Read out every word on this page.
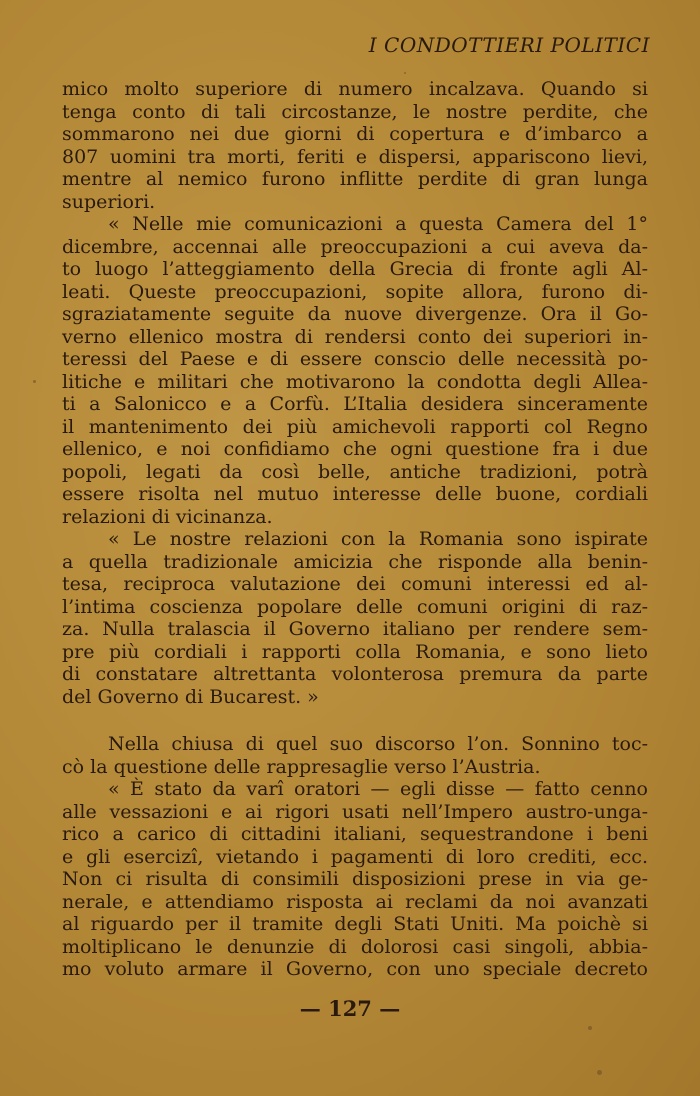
I CONDOTTIERI POLITICI
mico molto superiore di numero incalzava. Quando si
tenga conto di tali circostanze, le nostre perdite, che
sommarono nei due giorni di copertura e d’imbarco a
807 uomini tra morti, feriti e dispersi, appariscono lievi,
mentre al nemico furono inflitte perdite di gran lunga
superiori.
« Nelle mie comunicazioni a questa Camera del 1°
dicembre, accennai alle preoccupazioni a cui aveva da-
to luogo l’atteggiamento della Grecia di fronte agli Al-
leati. Queste preoccupazioni, sopite allora, furono di-
sgraziatamente seguite da nuove divergenze. Ora il Go-
verno ellenico mostra di rendersi conto dei superiori in-
teressi del Paese e di essere conscio delle necessità po-
litiche e militari che motivarono la condotta degli Allea-
ti a Salonicco e a Corfù. L’Italia desidera sinceramente
il mantenimento dei più amichevoli rapporti col Regno
ellenico, e noi confidiamo che ogni questione fra i due
popoli, legati da così belle, antiche tradizioni, potrà
essere risolta nel mutuo interesse delle buone, cordiali
relazioni di vicinanza.
« Le nostre relazioni con la Romania sono ispirate
a quella tradizionale amicizia che risponde alla benin-
tesa, reciproca valutazione dei comuni interessi ed al-
l’intima coscienza popolare delle comuni origini di raz-
za. Nulla tralascia il Governo italiano per rendere sem-
pre più cordiali i rapporti colla Romania, e sono lieto
di constatare altrettanta volonterosa premura da parte
del Governo di Bucarest. »
Nella chiusa di quel suo discorso l’on. Sonnino toc-
cò la questione delle rappresaglie verso l’Austria.
« È stato da varî oratori — egli disse — fatto cenno
alle vessazioni e ai rigori usati nell’Impero austro-unga-
rico a carico di cittadini italiani, sequestrandone i beni
e gli esercizî, vietando i pagamenti di loro crediti, ecc.
Non ci risulta di consimili disposizioni prese in via ge-
nerale, e attendiamo risposta ai reclami da noi avanzati
al riguardo per il tramite degli Stati Uniti. Ma poichè si
moltiplicano le denunzie di dolorosi casi singoli, abbia-
mo voluto armare il Governo, con uno speciale decreto
— 127 —
